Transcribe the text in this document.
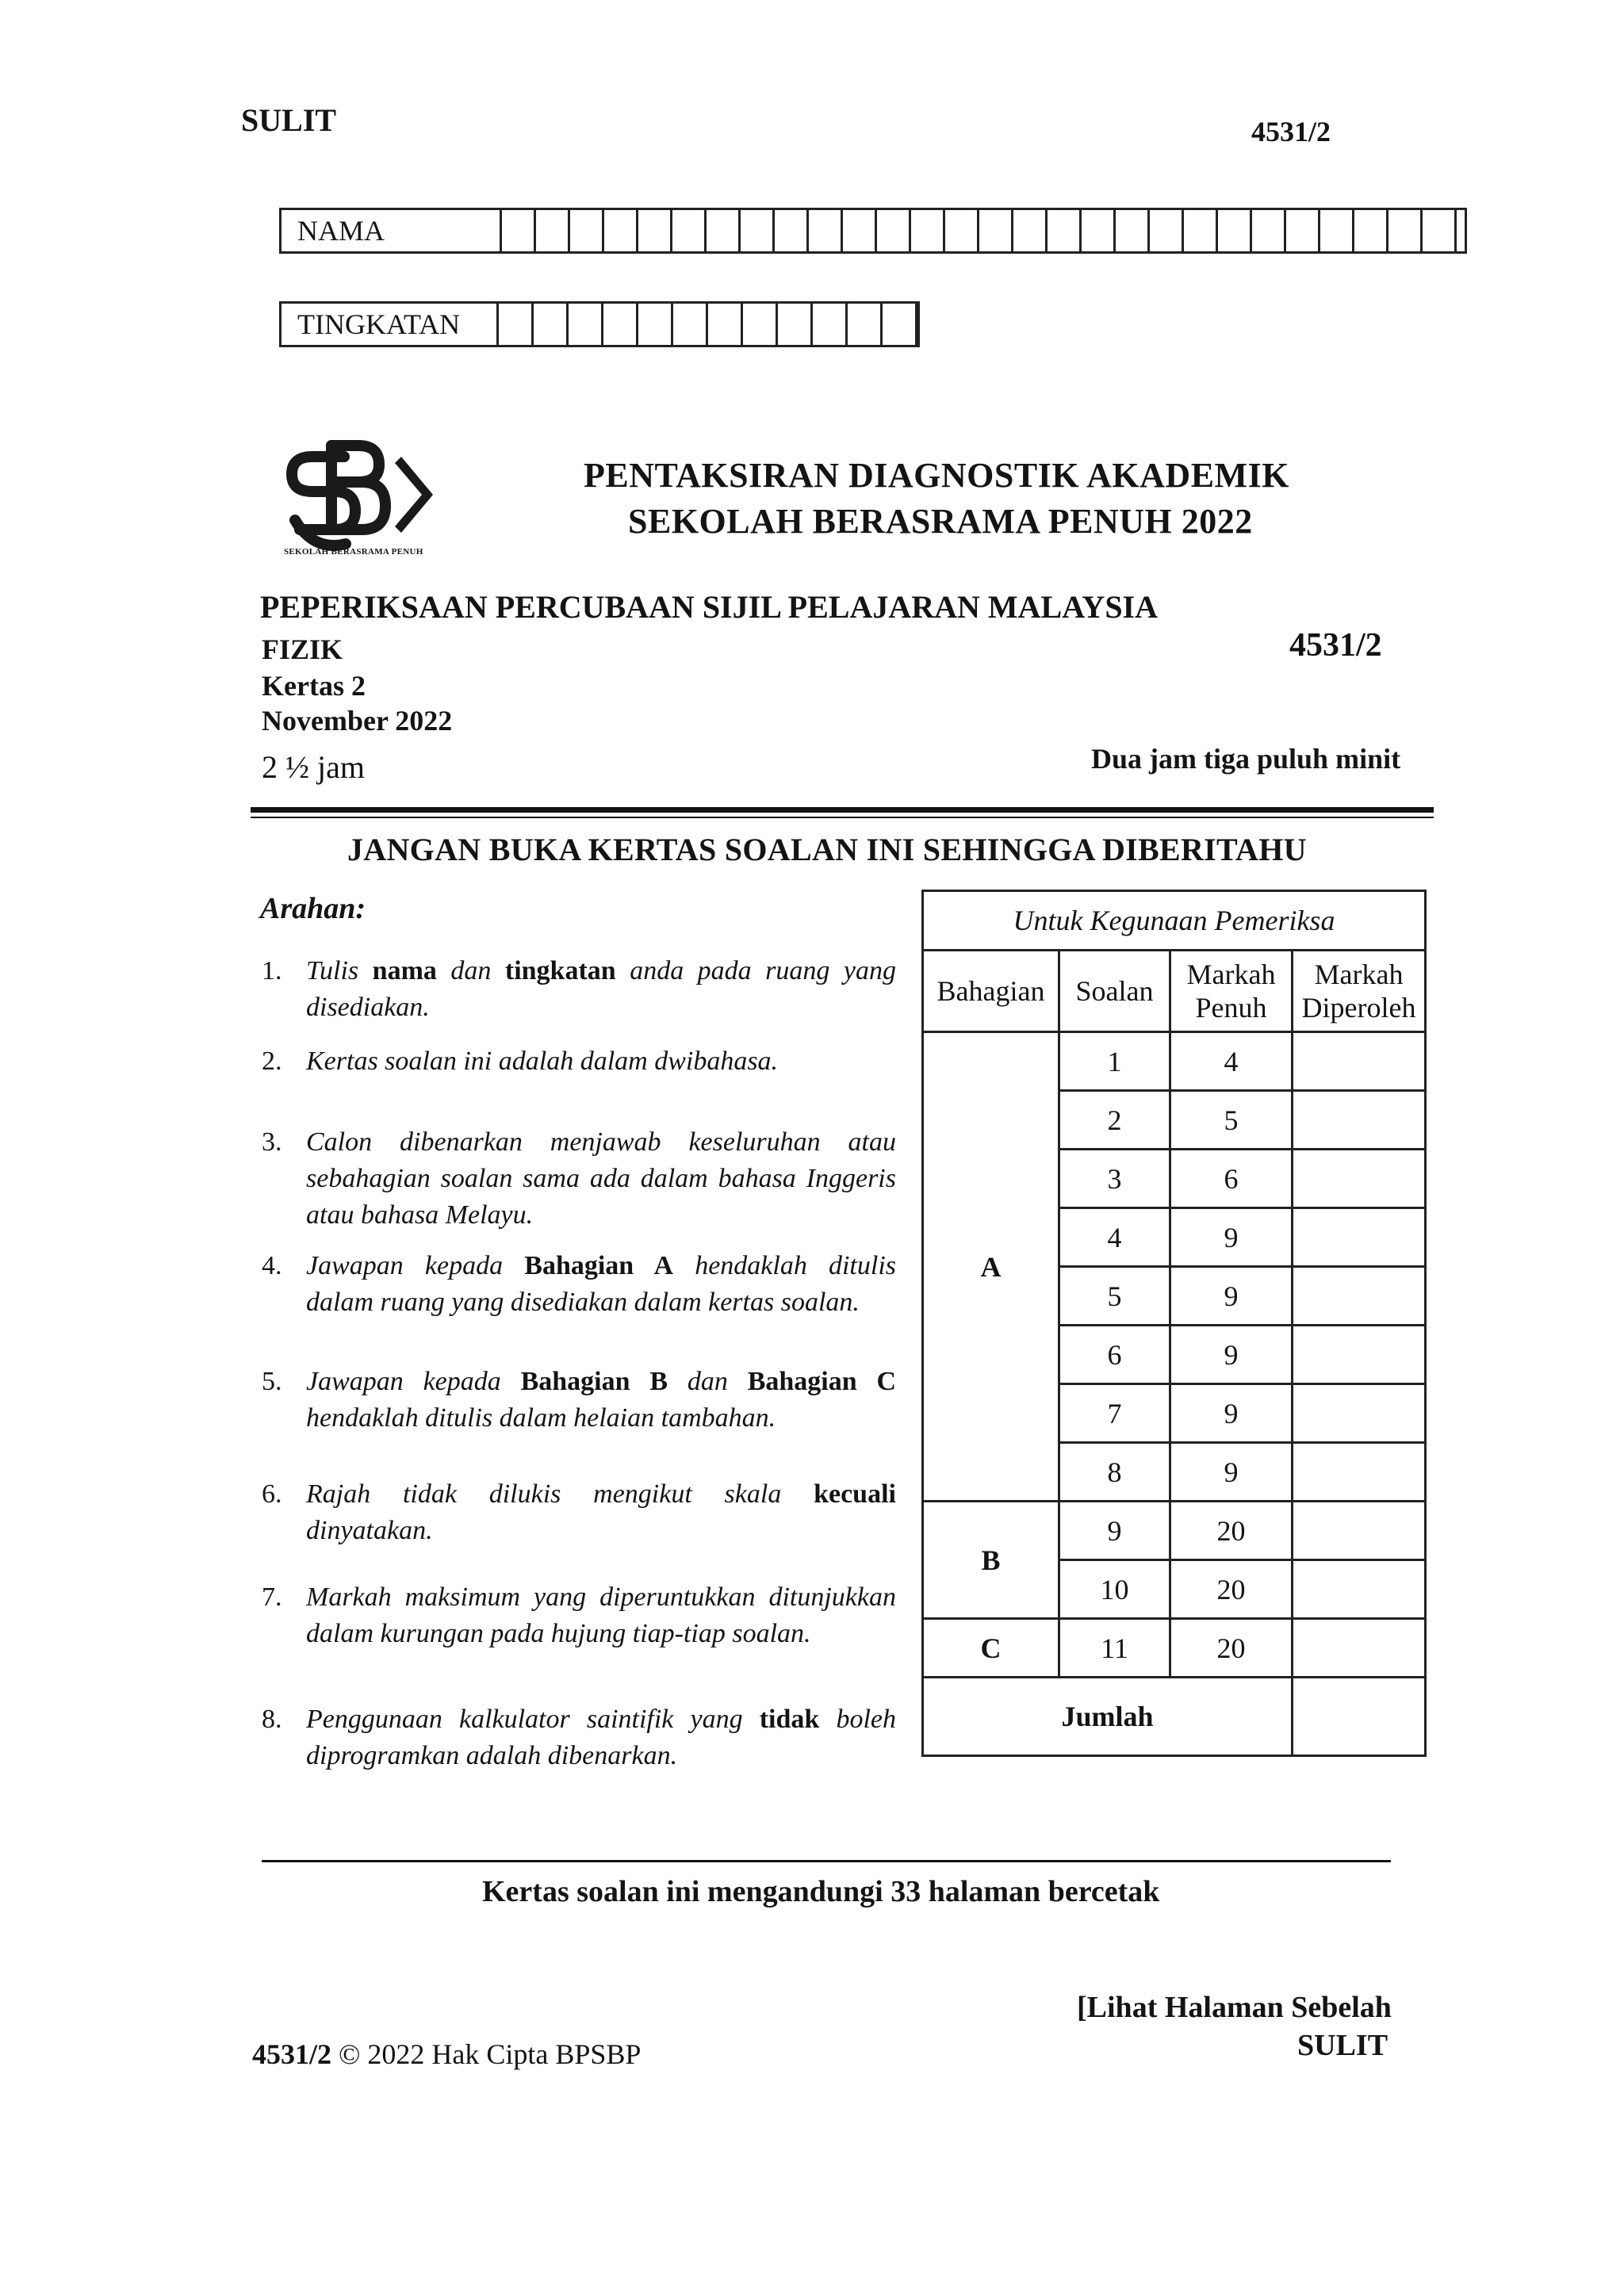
SULIT	4531/2
NAMA
TINGKATAN
SEKOLAH BERASRAMA PENUH
PENTAKSIRAN DIAGNOSTIK AKADEMIK
SEKOLAH BERASRAMA PENUH 2022
PEPERIKSAAN PERCUBAAN SIJIL PELAJARAN MALAYSIA
FIZIK
Kertas 2
November 2022
2 ½ jam
4531/2
Dua jam tiga puluh minit
JANGAN BUKA KERTAS SOALAN INI SEHINGGA DIBERITAHU
Arahan:
1. Tulis nama dan tingkatan anda pada ruang yang disediakan.
2. Kertas soalan ini adalah dalam dwibahasa.
3. Calon dibenarkan menjawab keseluruhan atau sebahagian soalan sama ada dalam bahasa Inggeris atau bahasa Melayu.
4. Jawapan kepada Bahagian A hendaklah ditulis dalam ruang yang disediakan dalam kertas soalan.
5. Jawapan kepada Bahagian B dan Bahagian C hendaklah ditulis dalam helaian tambahan.
6. Rajah tidak dilukis mengikut skala kecuali dinyatakan.
7. Markah maksimum yang diperuntukkan ditunjukkan dalam kurungan pada hujung tiap-tiap soalan.
8. Penggunaan kalkulator saintifik yang tidak boleh diprogramkan adalah dibenarkan.
Untuk Kegunaan Pemeriksa			
Bahagian	Soalan	Markah Penuh	Markah Diperoleh
A	1	4	
	2	5	
	3	6	
	4	9	
	5	9	
	6	9	
	7	9	
	8	9	
B	9	20	
	10	20	
C	11	20	
Jumlah			
Kertas soalan ini mengandungi 33 halaman bercetak
[Lihat Halaman Sebelah
SULIT
4531/2 © 2022 Hak Cipta BPSBP
